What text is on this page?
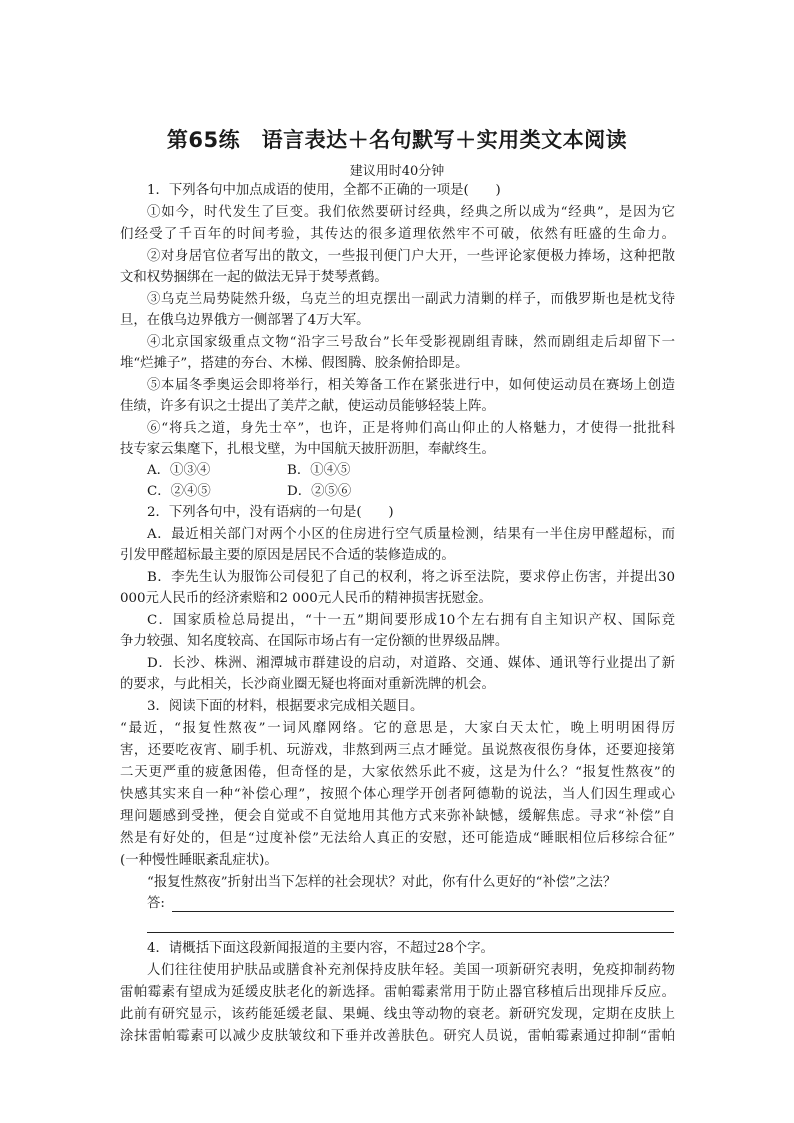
第65练　语言表达＋名句默写＋实用类文本阅读
建议用时40分钟
1．下列各句中加点成语的使用，全都不正确的一项是(　　)
①如今，时代发生了巨变。我们依然要研讨经典，经典之所以成为“经典”，是因为它
们经受了千百年的时间考验，其传达的很多道理依然牢不可破，依然有旺盛的生命力。
②对身居官位者写出的散文，一些报刊便门户大开，一些评论家便极力捧场，这种把散
文和权势捆绑在一起的做法无异于焚琴煮鹤。
③乌克兰局势陡然升级，乌克兰的坦克摆出一副武力清剿的样子，而俄罗斯也是枕戈待
旦，在俄乌边界俄方一侧部署了4万大军。
④北京国家级重点文物“沿字三号敌台”长年受影视剧组青睐，然而剧组走后却留下一
堆“烂摊子”，搭建的夯台、木梯、假图腾、胶条俯拾即是。
⑤本届冬季奥运会即将举行，相关筹备工作在紧张进行中，如何使运动员在赛场上创造
佳绩，许多有识之士提出了美芹之献，使运动员能够轻装上阵。
⑥“将兵之道，身先士卒”，也许，正是将帅们高山仰止的人格魅力，才使得一批批科
技专家云集麾下，扎根戈壁，为中国航天披肝沥胆，奉献终生。
A．①③④	B．①④⑤
C．②④⑤	D．②⑤⑥
2．下列各句中，没有语病的一句是(　　)
A．最近相关部门对两个小区的住房进行空气质量检测，结果有一半住房甲醛超标，而
引发甲醛超标最主要的原因是居民不合适的装修造成的。
B．李先生认为服饰公司侵犯了自己的权利，将之诉至法院，要求停止伤害，并提出30
000元人民币的经济索赔和2 000元人民币的精神损害抚慰金。
C．国家质检总局提出，“十一五”期间要形成10个左右拥有自主知识产权、国际竞
争力较强、知名度较高、在国际市场占有一定份额的世界级品牌。
D．长沙、株洲、湘潭城市群建设的启动，对道路、交通、媒体、通讯等行业提出了新
的要求，与此相关，长沙商业圈无疑也将面对重新洗牌的机会。
3．阅读下面的材料，根据要求完成相关题目。
“最近，“报复性熬夜”一词风靡网络。它的意思是，大家白天太忙，晚上明明困得厉
害，还要吃夜宵、刷手机、玩游戏，非熬到两三点才睡觉。虽说熬夜很伤身体，还要迎接第
二天更严重的疲惫困倦，但奇怪的是，大家依然乐此不疲，这是为什么？“报复性熬夜”的
快感其实来自一种“补偿心理”，按照个体心理学开创者阿德勒的说法，当人们因生理或心
理问题感到受挫，便会自觉或不自觉地用其他方式来弥补缺憾，缓解焦虑。寻求“补偿”自
然是有好处的，但是“过度补偿”无法给人真正的安慰，还可能造成“睡眠相位后移综合征”
(一种慢性睡眠紊乱症状)。
“报复性熬夜”折射出当下怎样的社会现状？对此，你有什么更好的“补偿”之法？
答:
4．请概括下面这段新闻报道的主要内容，不超过28个字。
人们往往使用护肤品或膳食补充剂保持皮肤年轻。美国一项新研究表明，免疫抑制药物
雷帕霉素有望成为延缓皮肤老化的新选择。雷帕霉素常用于防止器官移植后出现排斥反应。
此前有研究显示，该药能延缓老鼠、果蝇、线虫等动物的衰老。新研究发现，定期在皮肤上
涂抹雷帕霉素可以减少皮肤皱纹和下垂并改善肤色。研究人员说，雷帕霉素通过抑制“雷帕
